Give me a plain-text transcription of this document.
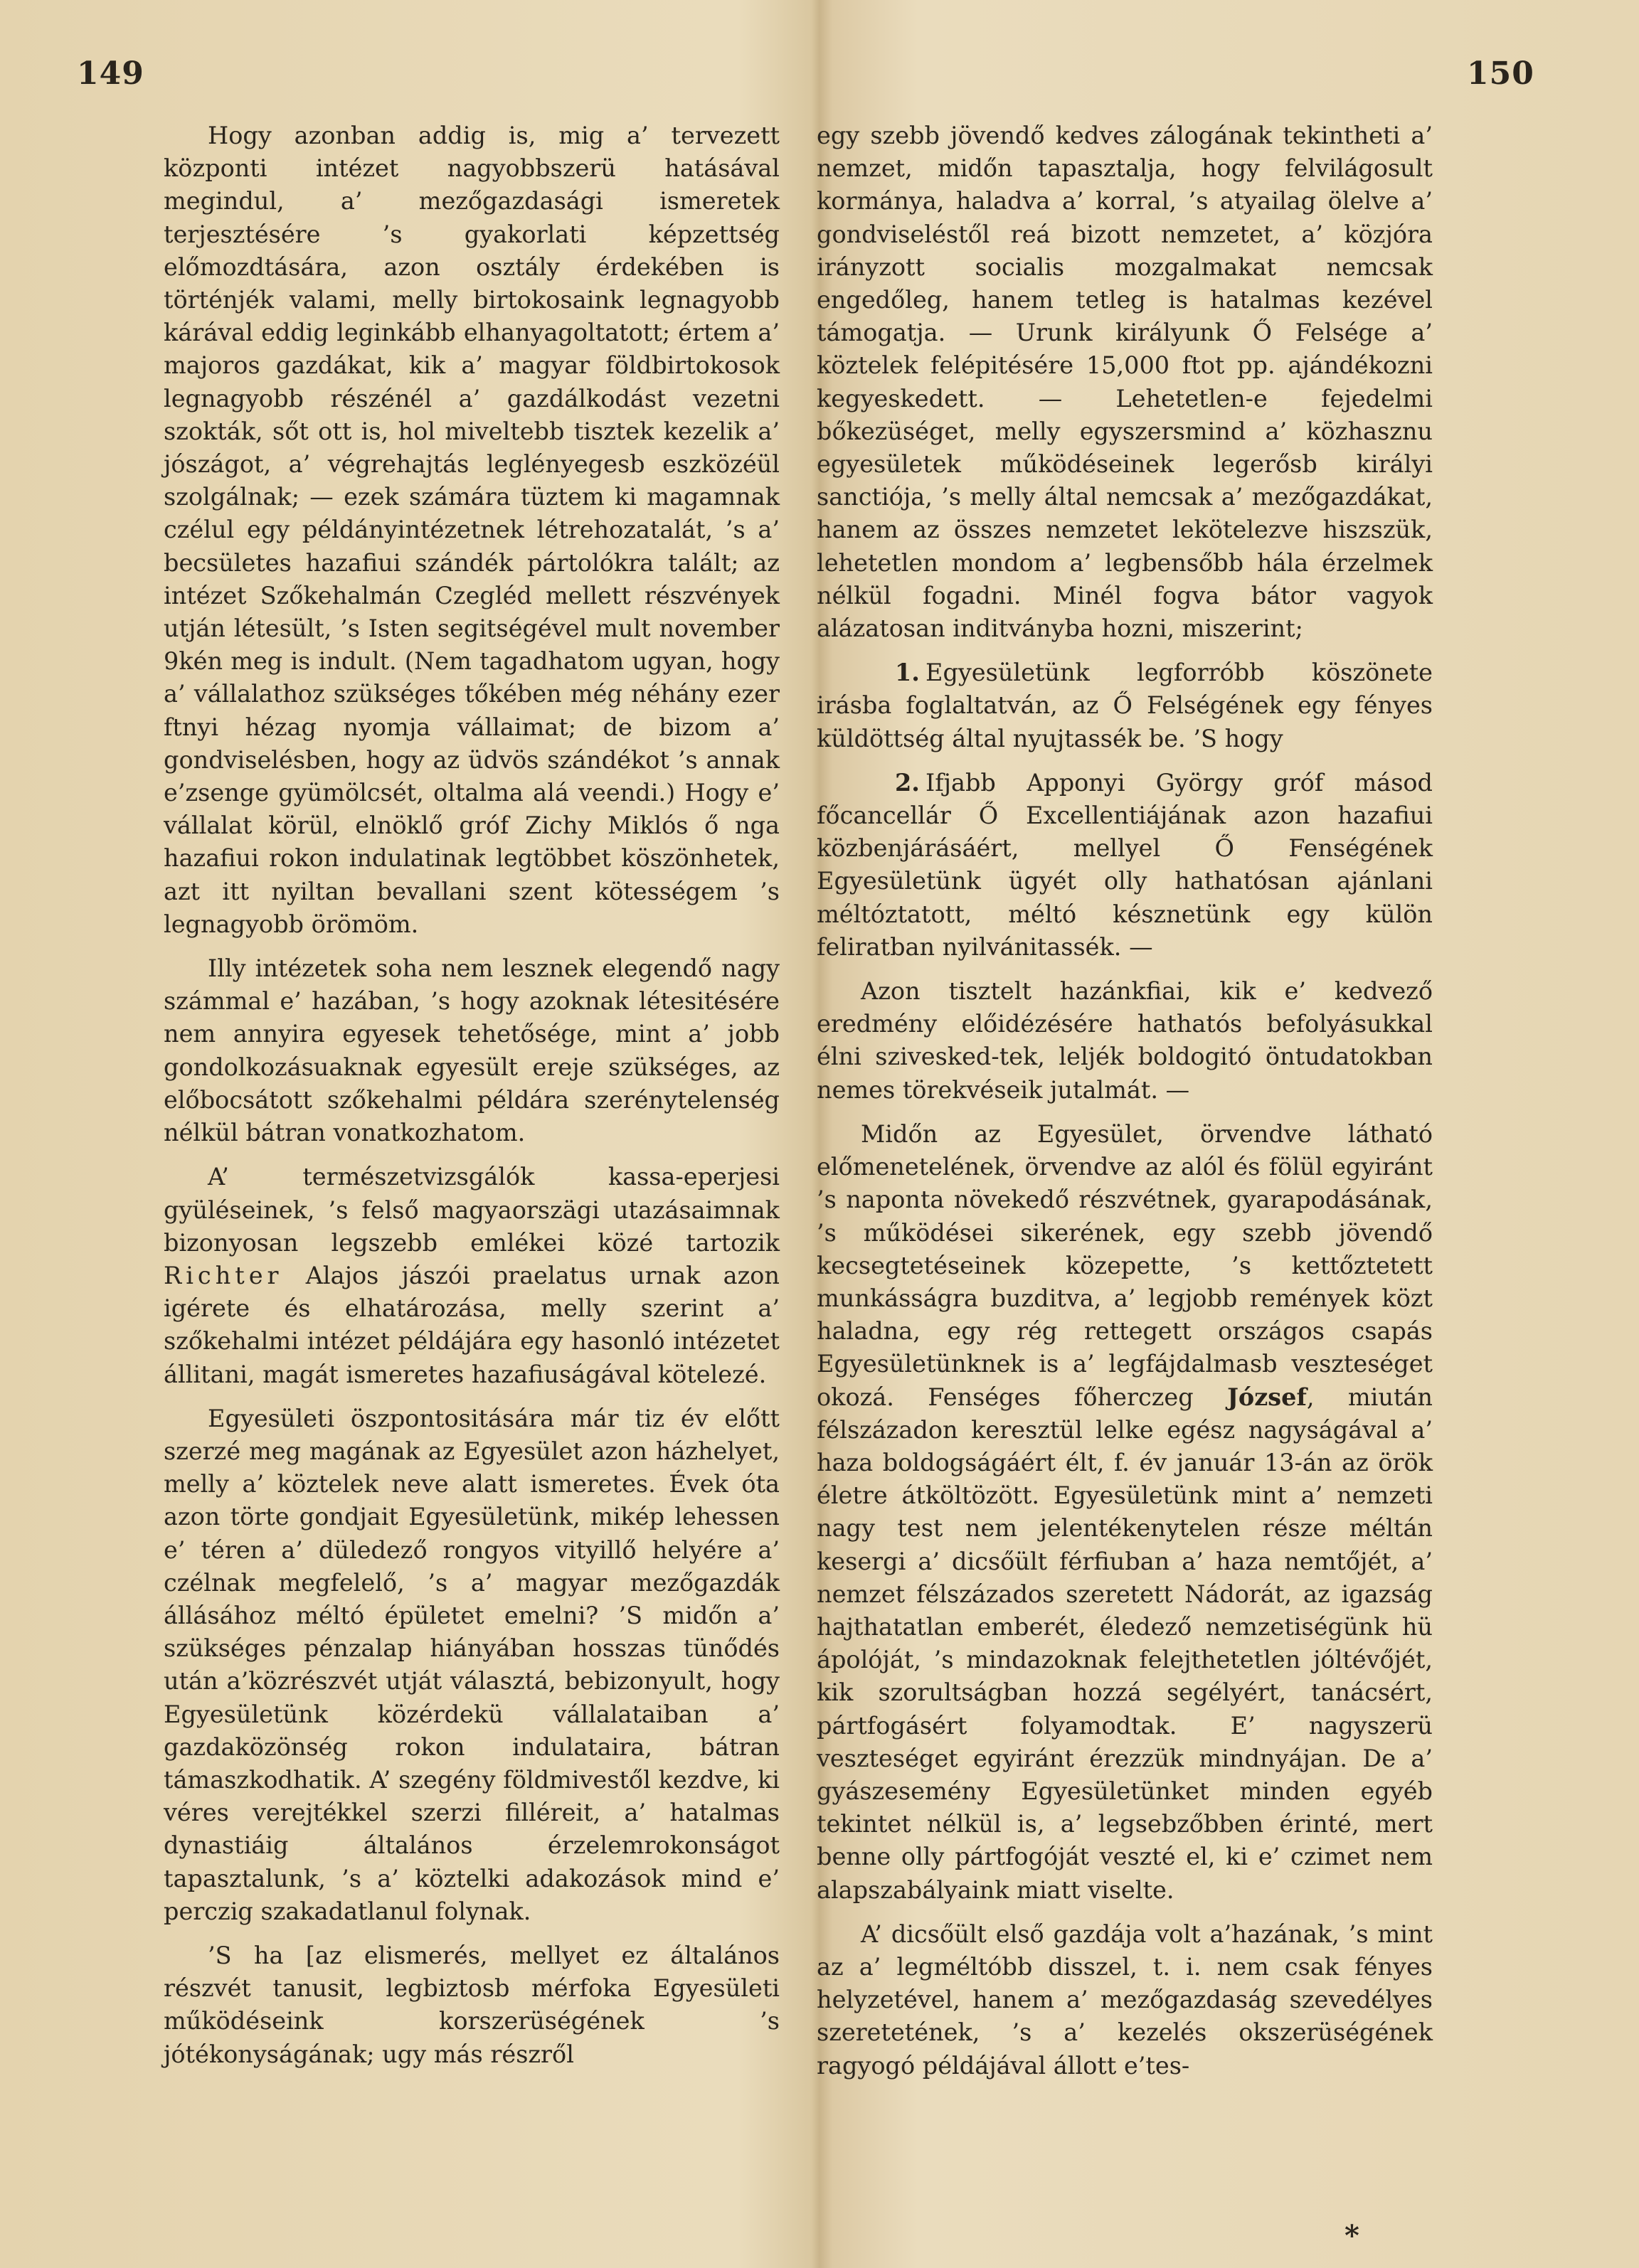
149	150

Hogy azonban addig is, mig a’ tervezett központi intézet nagyobbszerü hatásával megindul, a’ mezőgazdasági ismeretek terjesztésére ’s gyakorlati képzettség előmozdtására, azon osztály érdekében is történjék valami, melly birtokosaink legnagyobb kárával eddig leginkább elhanyagoltatott; értem a’ majoros gazdákat, kik a’ magyar földbirtokosok legnagyobb részénél a’ gazdálkodást vezetni szokták, sőt ott is, hol miveltebb tisztek kezelik a’ jószágot, a’ végrehajtás leglényegesb eszközéül szolgálnak; — ezek számára tüztem ki magamnak czélul egy példányintézetnek létrehozatalát, ’s a’ becsületes hazafiui szándék pártolókra talált; az intézet Szőkehalmán Czegléd mellett részvények utján létesült, ’s Isten segitségével mult november 9kén meg is indult. (Nem tagadhatom ugyan, hogy a’ vállalathoz szükséges tőkében még néhány ezer ftnyi hézag nyomja vállaimat; de bizom a’ gondviselésben, hogy az üdvös szándékot ’s annak e’zsenge gyümölcsét, oltalma alá veendi.) Hogy e’ vállalat körül, elnöklő gróf Zichy Miklós ő nga hazafiui rokon indulatinak legtöbbet köszönhetek, azt itt nyiltan bevallani szent kötességem ’s legnagyobb örömöm.

Illy intézetek soha nem lesznek elegendő nagy számmal e’ hazában, ’s hogy azoknak létesitésére nem annyira egyesek tehetősége, mint a’ jobb gondolkozásuaknak egyesült ereje szükséges, az előbocsátott szőkehalmi példára szerénytelenség nélkül bátran vonatkozhatom.

A’ természetvizsgálók kassa-eperjesi gyüléseinek, ’s felső magyaorszägi utazásaimnak bizonyosan legszebb emlékei közé tartozik Richter Alajos jászói praelatus urnak azon igérete és elhatározása, melly szerint a’ szőkehalmi intézet példájára egy hasonló intézetet állitani, magát ismeretes hazafiuságával kötelezé.

Egyesületi öszpontositására már tiz év előtt szerzé meg magának az Egyesület azon házhelyet, melly a’ köztelek neve alatt ismeretes. Évek óta azon törte gondjait Egyesületünk, mikép lehessen e’ téren a’ düledező rongyos vityillő helyére a’ czélnak megfelelő, ’s a’ magyar mezőgazdák állásához méltó épületet emelni? ’S midőn a’ szükséges pénzalap hiányában hosszas tünődés után a’közrészvét utját választá, bebizonyult, hogy Egyesületünk közérdekü vállalataiban a’ gazdaközönség rokon indulataira, bátran támaszkodhatik. A’ szegény földmivestől kezdve, ki véres verejtékkel szerzi filléreit, a’ hatalmas dynastiáig általános érzelemrokonságot tapasztalunk, ’s a’ köztelki adakozások mind e’ perczig szakadatlanul folynak.

’S ha [az elismerés, mellyet ez általános részvét tanusit, legbiztosb mérfoka Egyesületi működéseink korszerüségének ’s jótékonyságának; ugy más részről

egy szebb jövendő kedves zálogának tekintheti a’ nemzet, midőn tapasztalja, hogy felvilágosult kormánya, haladva a’ korral, ’s atyailag ölelve a’ gondviseléstől reá bizott nemzetet, a’ közjóra irányzott socialis mozgalmakat nemcsak engedőleg, hanem tetleg is hatalmas kezével támogatja. — Urunk királyunk Ő Felsége a’ köztelek felépitésére 15,000 ftot pp. ajándékozni kegyeskedett. — Lehetetlen-e fejedelmi bőkezüséget, melly egyszersmind a’ közhasznu egyesületek működéseinek legerősb királyi sanctiója, ’s melly által nemcsak a’ mezőgazdákat, hanem az összes nemzetet lekötelezve hiszszük, lehetetlen mondom a’ legbensőbb hála érzelmek nélkül fogadni. Minél fogva bátor vagyok alázatosan inditványba hozni, miszerint;

1. Egyesületünk legforróbb köszönete irásba foglaltatván, az Ő Felségének egy fényes küldöttség által nyujtassék be. ’S hogy

2. Ifjabb Apponyi György gróf másod főcancellár Ő Excellentiájának azon hazafiui közbenjárásáért, mellyel Ő Fenségének Egyesületünk ügyét olly hathatósan ajánlani méltóztatott, méltó késznetünk egy külön feliratban nyilvánitassék. —

Azon tisztelt hazánkfiai, kik e’ kedvező eredmény előidézésére hathatós befolyásukkal élni szivesked-tek, leljék boldogitó öntudatokban nemes törekvéseik jutalmát. —

Midőn az Egyesület, örvendve látható előmenetelének, örvendve az alól és fölül egyiránt ’s naponta növekedő részvétnek, gyarapodásának, ’s működései sikerének, egy szebb jövendő kecsegtetéseinek közepette, ’s kettőztetett munkásságra buzditva, a’ legjobb remények közt haladna, egy rég rettegett országos csapás Egyesületünknek is a’ legfájdalmasb veszteséget okozá. Fenséges főherczeg József, miután félszázadon keresztül lelke egész nagyságával a’ haza boldogságáért élt, f. év január 13-án az örök életre átköltözött. Egyesületünk mint a’ nemzeti nagy test nem jelentékenytelen része méltán kesergi a’ dicsőült férfiuban a’ haza nemtőjét, a’ nemzet félszázados szeretett Nádorát, az igazság hajthatatlan emberét, éledező nemzetiségünk hü ápolóját, ’s mindazoknak felejthetetlen jóltévőjét, kik szorultságban hozzá segélyért, tanácsért, pártfogásért folyamodtak. E’ nagyszerü veszteséget egyiránt érezzük mindnyájan. De a’ gyászesemény Egyesületünket minden egyéb tekintet nélkül is, a’ legsebzőbben érinté, mert benne olly pártfogóját veszté el, ki e’ czimet nem alapszabályaink miatt viselte.

A’ dicsőült első gazdája volt a’hazának, ’s mint az a’ legméltóbb disszel, t. i. nem csak fényes helyzetével, hanem a’ mezőgazdaság szevedélyes szeretetének, ’s a’ kezelés okszerüségének ragyogó példájával állott e’tes-

*
